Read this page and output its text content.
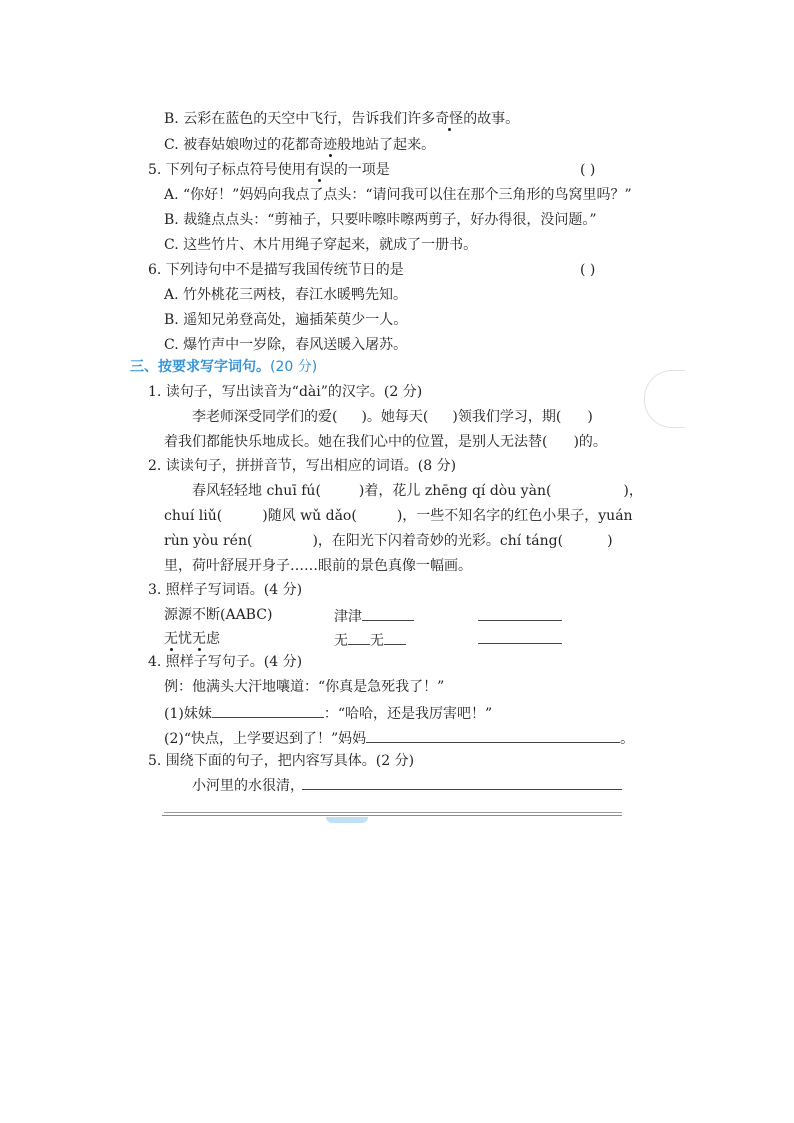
B. 云彩在蓝色的天空中飞行，告诉我们许多奇怪的故事。
C. 被春姑娘吻过的花都奇迹般地站了起来。
5. 下列句子标点符号使用有误的一项是	( )
A. “你好！”妈妈向我点了点头：“请问我可以住在那个三角形的鸟窝里吗？”
B. 裁缝点点头：“剪袖子，只要咔嚓咔嚓两剪子，好办得很，没问题。”
C. 这些竹片、木片用绳子穿起来，就成了一册书。
6. 下列诗句中不是描写我国传统节日的是	( )
A. 竹外桃花三两枝，春江水暖鸭先知。
B. 遥知兄弟登高处，遍插茱萸少一人。
C. 爆竹声中一岁除，春风送暖入屠苏。
三、按要求写字词句。(20 分)
1. 读句子，写出读音为“dài”的汉字。(2 分)
李老师深受同学们的爱( )。她每天( )领我们学习，期( )
着我们都能快乐地成长。她在我们心中的位置，是别人无法替( )的。
2. 读读句子，拼拼音节，写出相应的词语。(8 分)
春风轻轻地 chuī fú(	)着，花儿 zhēng qí dòu yàn(	)，
chuí liǔ(	)随风 wǔ dǎo(	)，一些不知名字的红色小果子，yuán
rùn yòu rén(	)，在阳光下闪着奇妙的光彩。chí táng(	)
里，荷叶舒展开身子……眼前的景色真像一幅画。
3. 照样子写词语。(4 分)
源源不断(AABC)	津津
无忧无虑	无 无
4. 照样子写句子。(4 分)
例：他满头大汗地嚷道：“你真是急死我了！”
(1)妹妹	：“哈哈，还是我厉害吧！”
(2)“快点，上学要迟到了！”妈妈	。
5. 围绕下面的句子，把内容写具体。(2 分)
小河里的水很清，
